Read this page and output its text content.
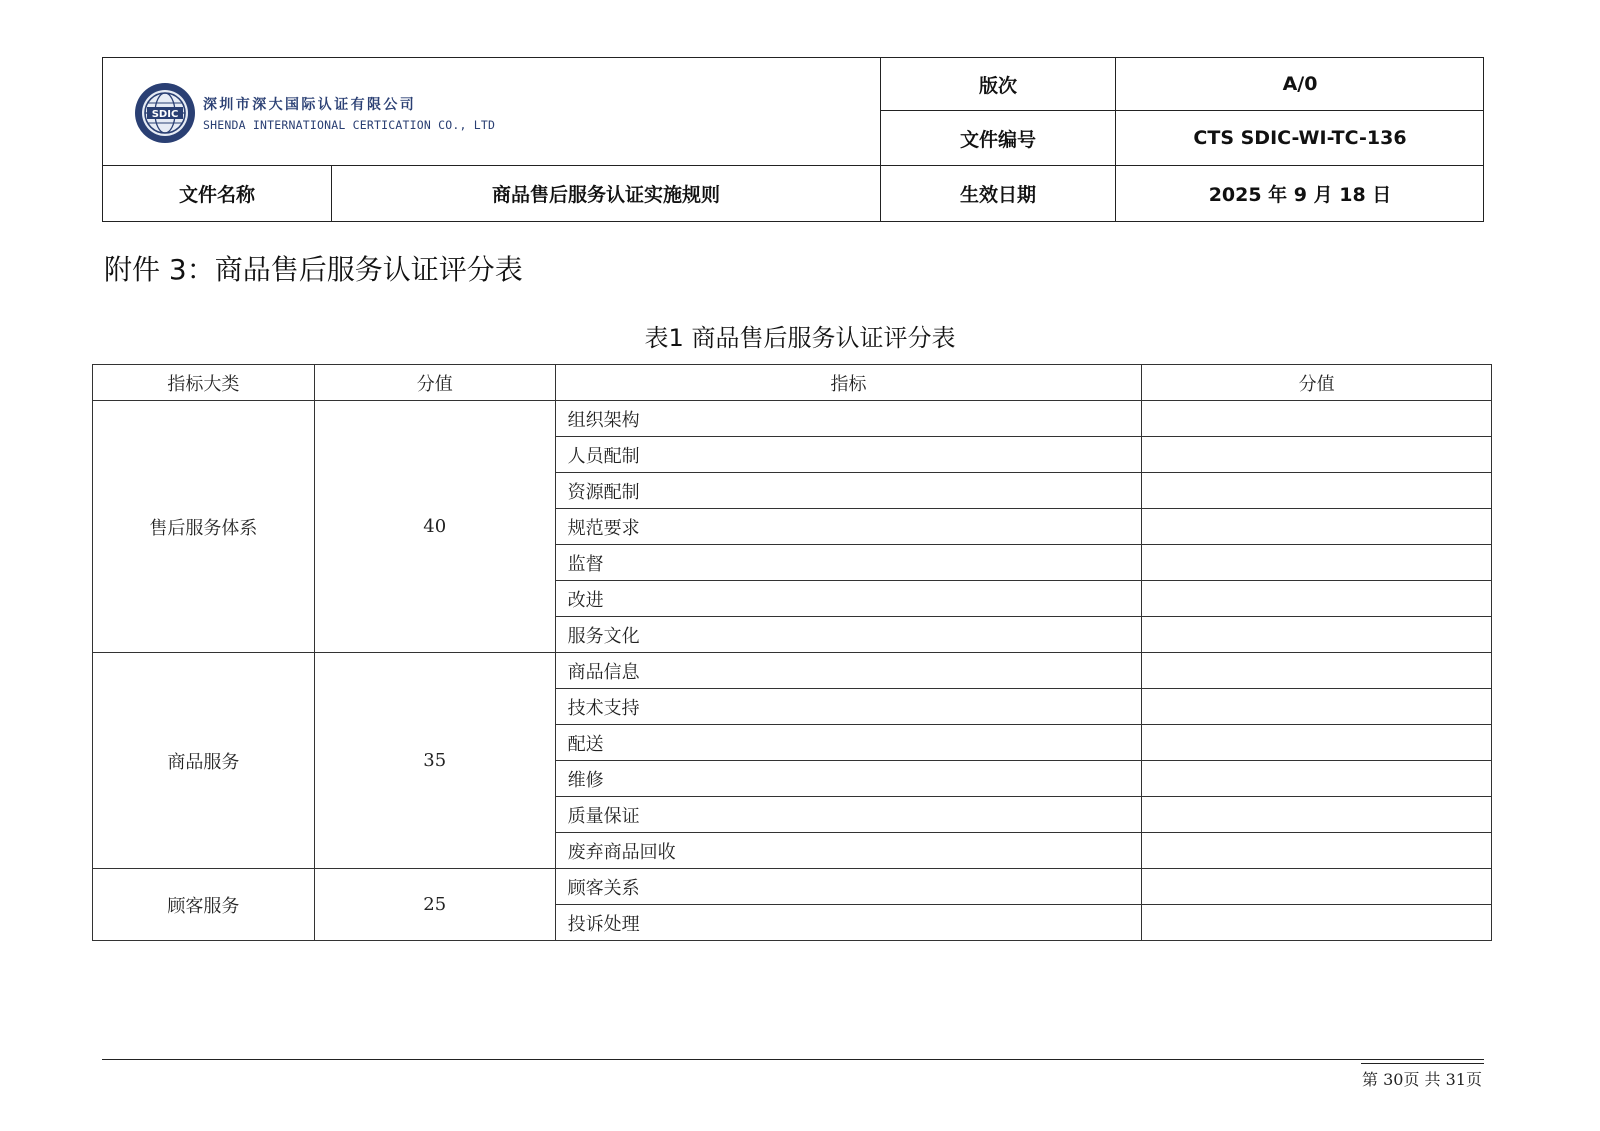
SDIC
深圳市深大国际认证有限公司
SHENDA INTERNATIONAL CERTICATION CO., LTD
版次	A/0
文件编号	CTS SDIC-WI-TC-136
文件名称	商品售后服务认证实施规则	生效日期	2025 年 9 月 18 日
附件 3：商品售后服务认证评分表
表1 商品售后服务认证评分表
指标大类	分值	指标	分值
售后服务体系	40	组织架构	
		人员配制	
		资源配制	
		规范要求	
		监督	
		改进	
		服务文化	
商品服务	35	商品信息	
		技术支持	
		配送	
		维修	
		质量保证	
		废弃商品回收	
顾客服务	25	顾客关系	
		投诉处理	
第 30页 共 31页
